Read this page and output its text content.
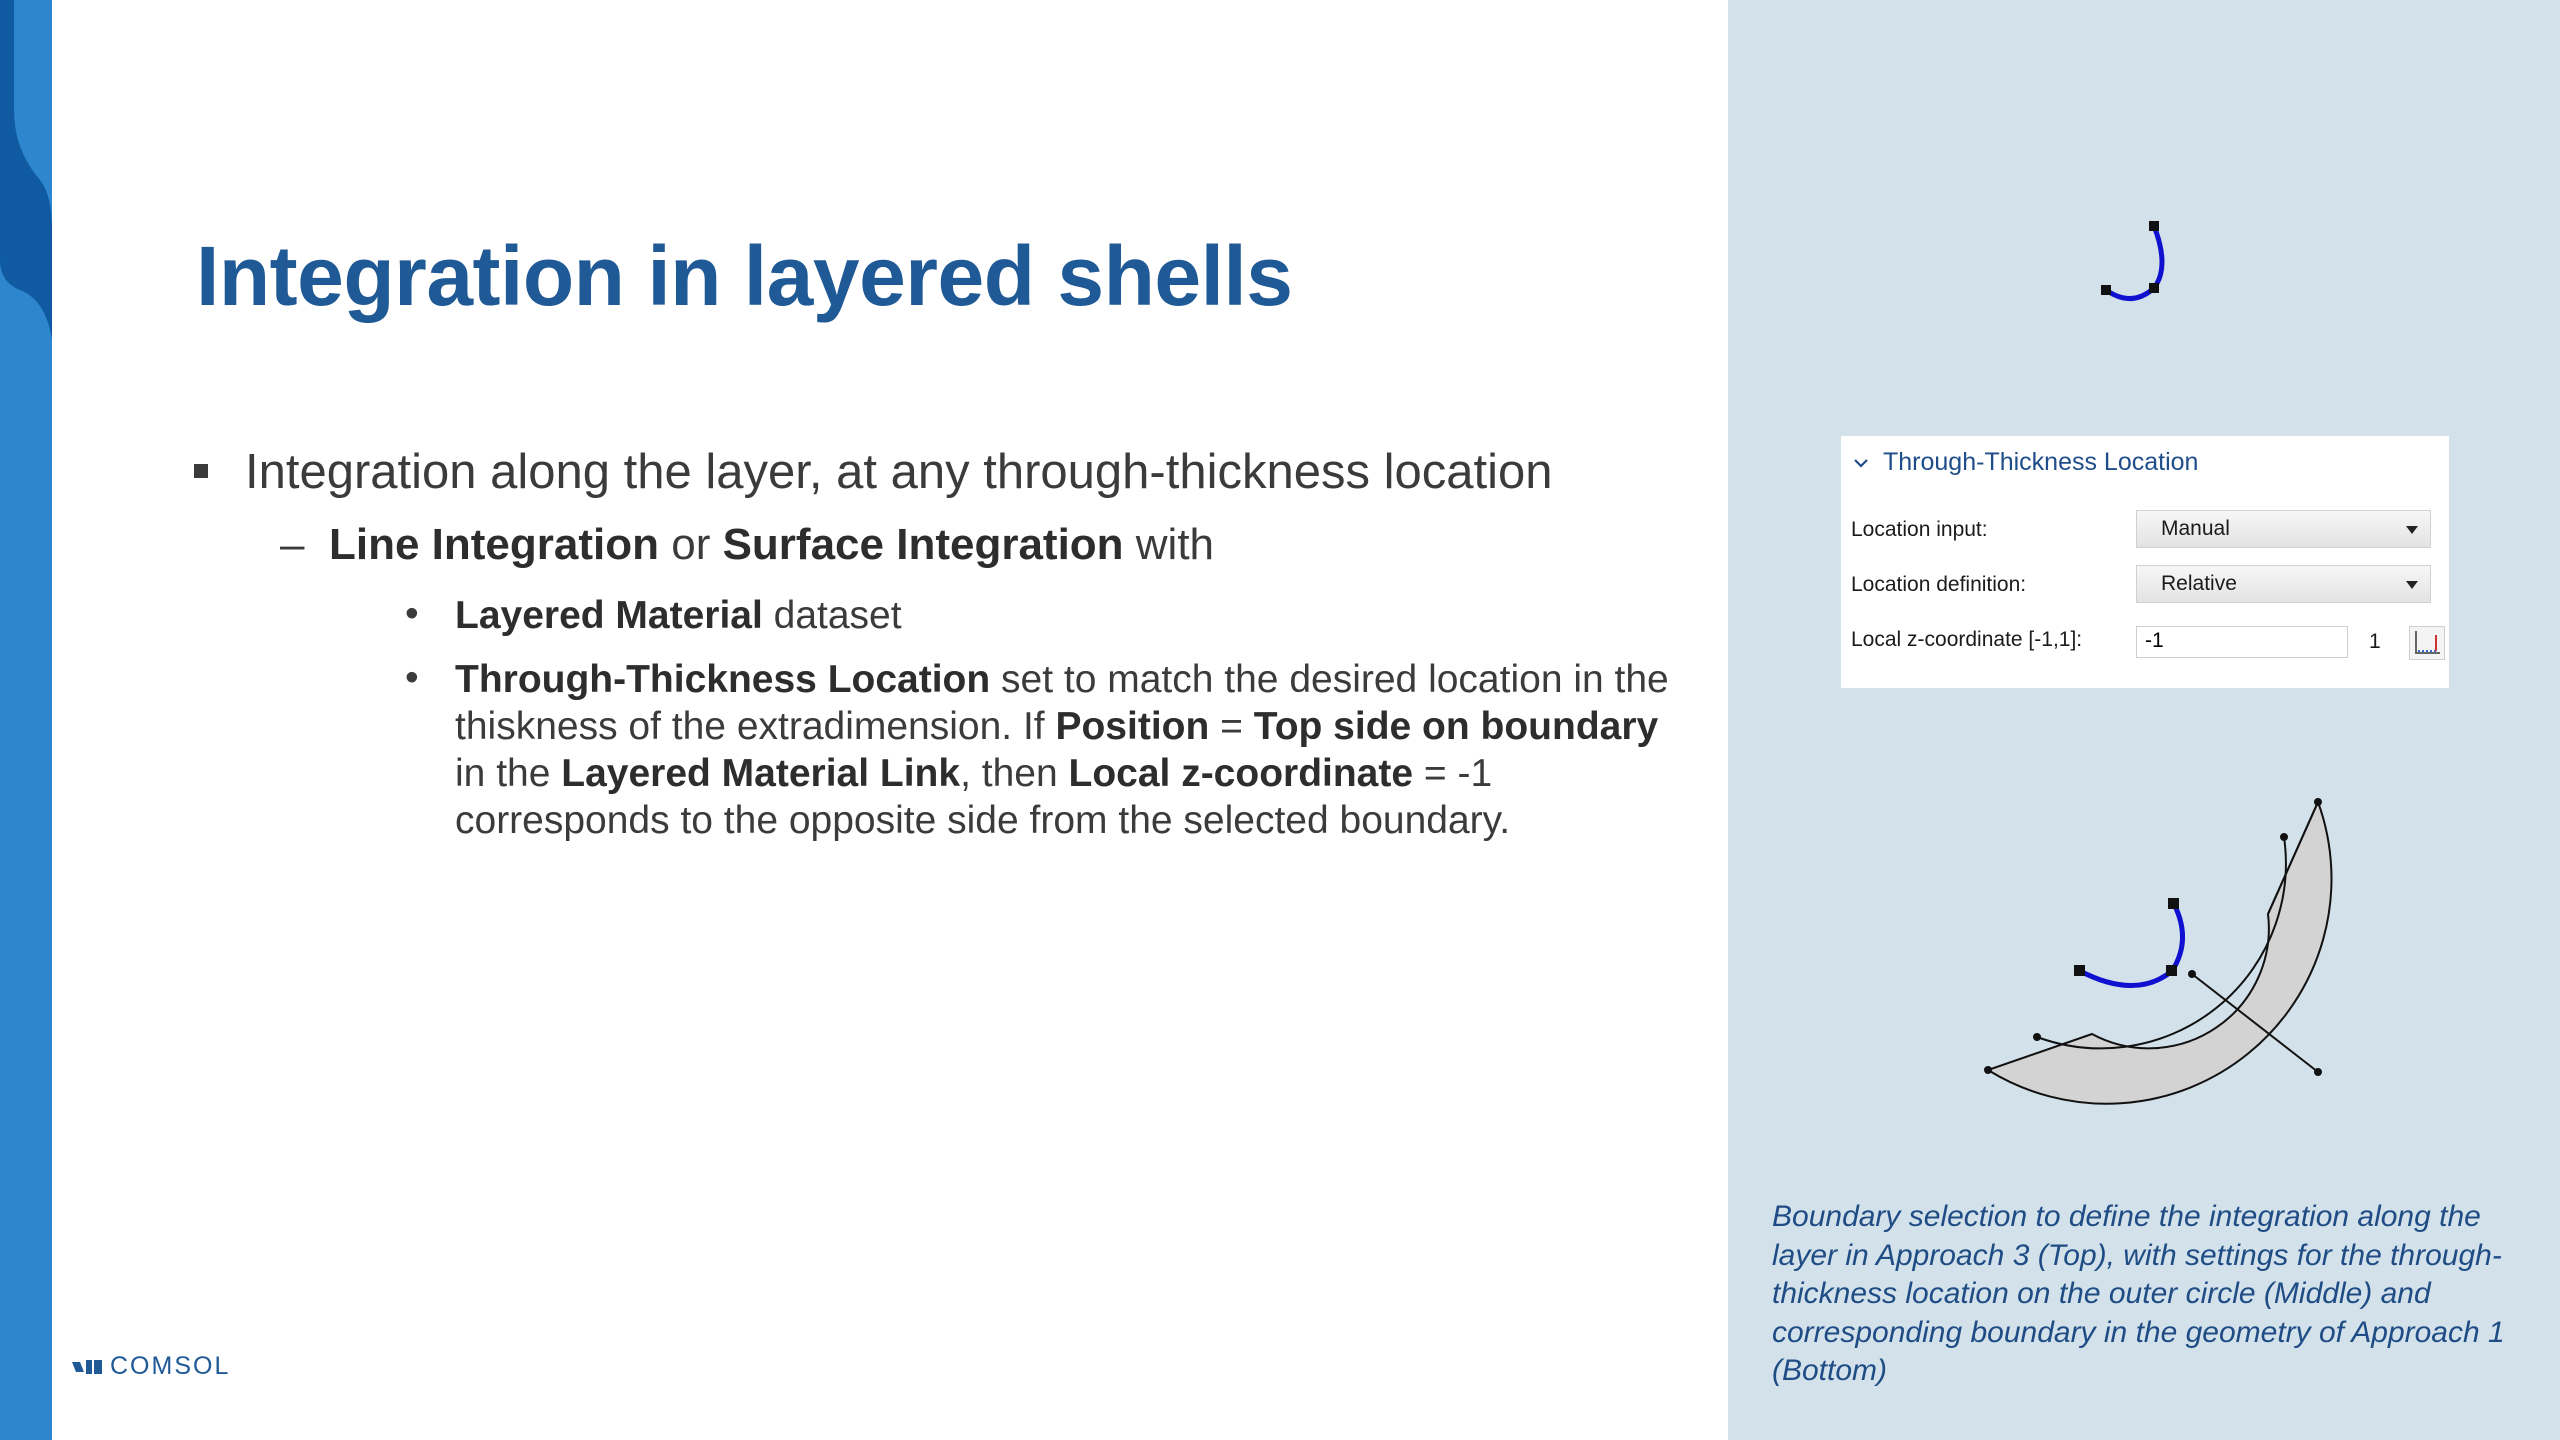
Integration in layered shells
Integration along the layer, at any through-thickness location
– Line Integration or Surface Integration with
• Layered Material dataset
• Through-Thickness Location set to match the desired location in the thiskness of the extradimension. If Position = Top side on boundary in the Layered Material Link, then Local z-coordinate = -1 corresponds to the opposite side from the selected boundary.
COMSOL
Through-Thickness Location
Location input:	Manual
Location definition:	Relative
Local z-coordinate [-1,1]:
-1	1
Boundary selection to define the integration along the layer in Approach 3 (Top), with settings for the through-thickness location on the outer circle (Middle) and corresponding boundary in the geometry of Approach 1 (Bottom)
